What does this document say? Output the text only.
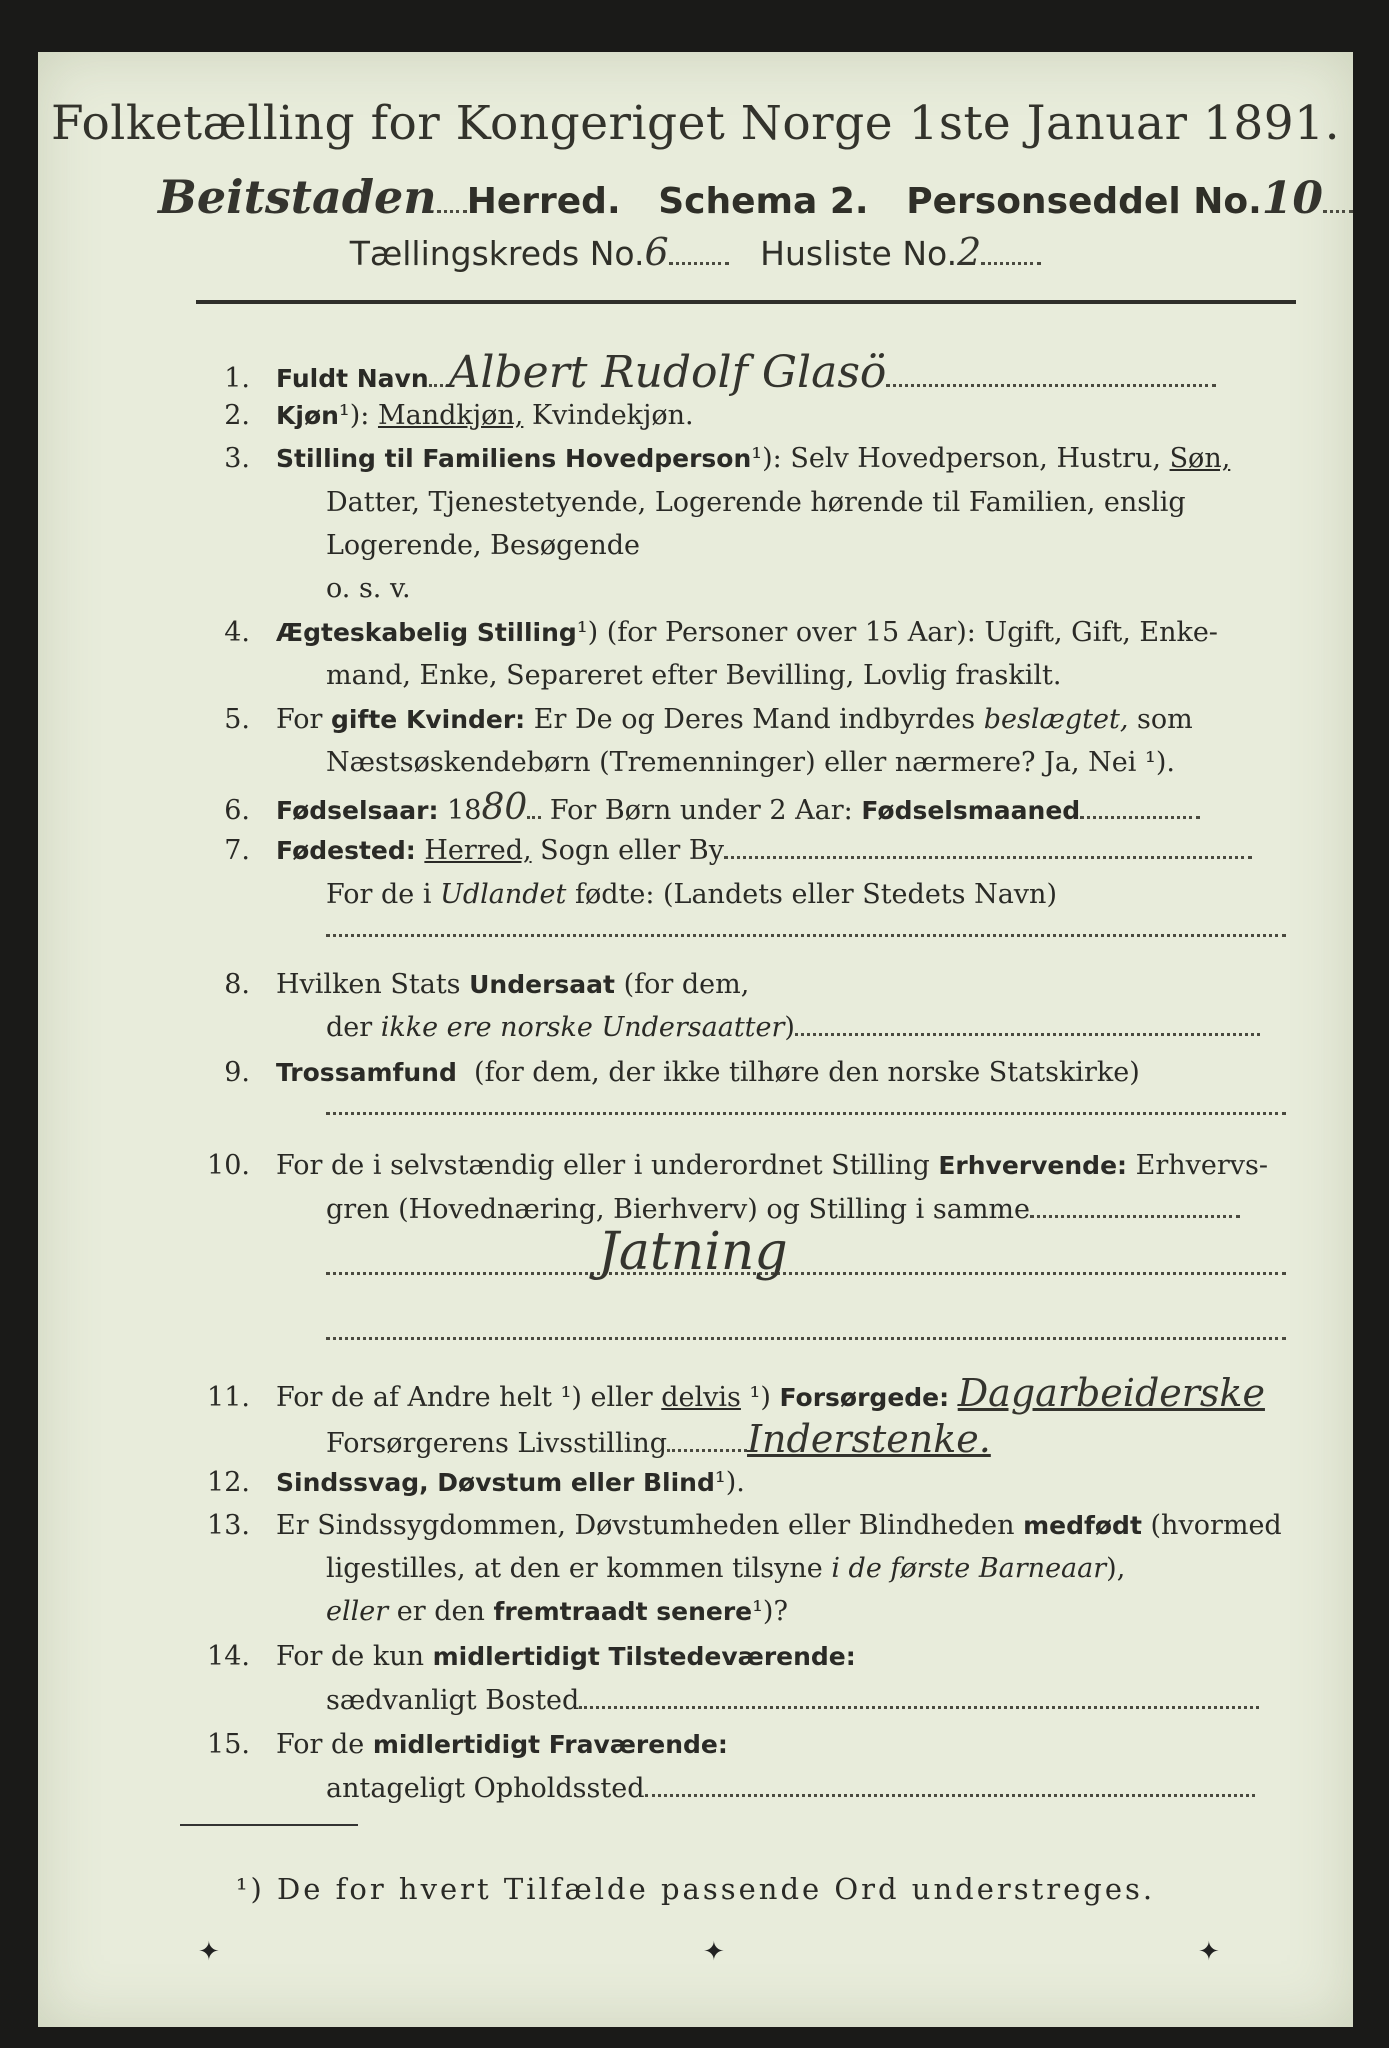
Folketælling for Kongeriget Norge 1ste Januar 1891.
Beitstaden Herred. Schema 2. Personseddel No.10
Tællingskreds No.6	Husliste No.2
1. Fuldt Navn Albert Rudolf Glasö
2. Kjøn¹): Mandkjøn, Kvindekjøn.
3. Stilling til Familiens Hovedperson¹): Selv Hovedperson, Hustru, Søn,
Datter, Tjenestetyende, Logerende hørende til Familien, enslig
Logerende, Besøgende
o. s. v.
4. Ægteskabelig Stilling¹) (for Personer over 15 Aar): Ugift, Gift, Enke-
mand, Enke, Separeret efter Bevilling, Lovlig fraskilt.
5. For gifte Kvinder: Er De og Deres Mand indbyrdes beslægtet, som
Næstsøskendebørn (Tremenninger) eller nærmere? Ja, Nei ¹).
6. Fødselsaar: 1880 For Børn under 2 Aar: Fødselsmaaned
7. Fødested: Herred, Sogn eller By
For de i Udlandet fødte: (Landets eller Stedets Navn)
8. Hvilken Stats Undersaat (for dem,
der ikke ere norske Undersaatter)
9. Trossamfund (for dem, der ikke tilhøre den norske Statskirke)
10. For de i selvstændig eller i underordnet Stilling Erhvervende: Erhvervs-
gren (Hovednæring, Bierhverv) og Stilling i samme
Jatning
11. For de af Andre helt ¹) eller delvis ¹) Forsørgede: Dagarbeiderske
Forsørgerens Livsstilling Inderstenke.
12. Sindssvag, Døvstum eller Blind¹).
13. Er Sindssygdommen, Døvstumheden eller Blindheden medfødt (hvormed
ligestilles, at den er kommen tilsyne i de første Barneaar),
eller er den fremtraadt senere¹)?
14. For de kun midlertidigt Tilstedeværende:
sædvanligt Bosted
15. For de midlertidigt Fraværende:
antageligt Opholdssted
¹) De for hvert Tilfælde passende Ord understreges.
✦	✦	✦
